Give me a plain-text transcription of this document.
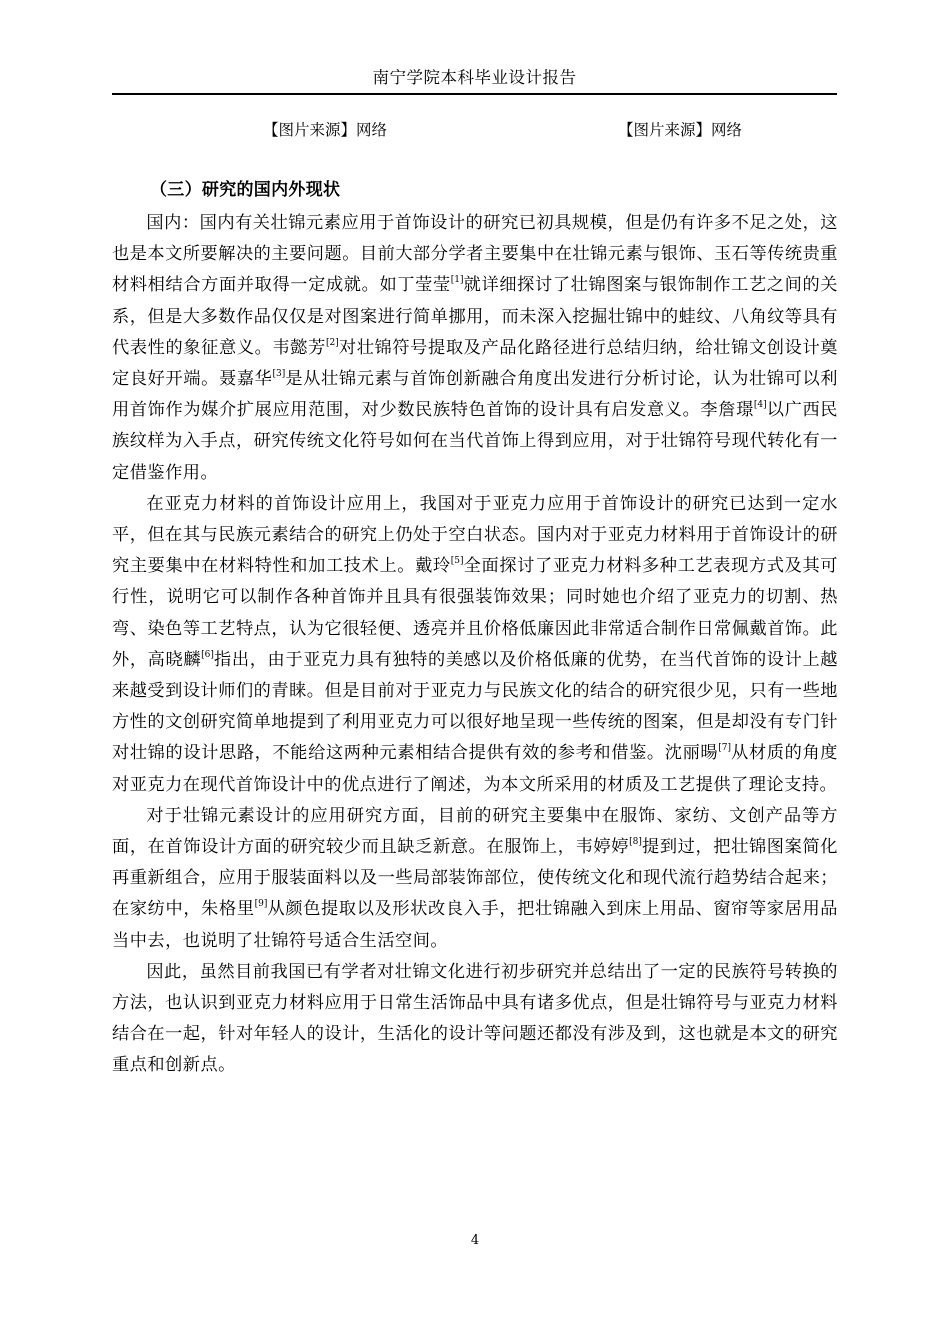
南宁学院本科毕业设计报告
【图片来源】网络	【图片来源】网络
（三）研究的国内外现状

国内：国内有关壮锦元素应用于首饰设计的研究已初具规模，但是仍有许多不足之处，这也是本文所要解决的主要问题。目前大部分学者主要集中在壮锦元素与银饰、玉石等传统贵重材料相结合方面并取得一定成就。如丁莹莹[1]就详细探讨了壮锦图案与银饰制作工艺之间的关系，但是大多数作品仅仅是对图案进行简单挪用，而未深入挖掘壮锦中的蛙纹、八角纹等具有代表性的象征意义。韦懿芳[2]对壮锦符号提取及产品化路径进行总结归纳，给壮锦文创设计奠定良好开端。聂嘉华[3]是从壮锦元素与首饰创新融合角度出发进行分析讨论，认为壮锦可以利用首饰作为媒介扩展应用范围，对少数民族特色首饰的设计具有启发意义。李詹璟[4]以广西民族纹样为入手点，研究传统文化符号如何在当代首饰上得到应用，对于壮锦符号现代转化有一定借鉴作用。

在亚克力材料的首饰设计应用上，我国对于亚克力应用于首饰设计的研究已达到一定水平，但在其与民族元素结合的研究上仍处于空白状态。国内对于亚克力材料用于首饰设计的研究主要集中在材料特性和加工技术上。戴玲[5]全面探讨了亚克力材料多种工艺表现方式及其可行性，说明它可以制作各种首饰并且具有很强装饰效果；同时她也介绍了亚克力的切割、热弯、染色等工艺特点，认为它很轻便、透亮并且价格低廉因此非常适合制作日常佩戴首饰。此外，高晓麟[6]指出，由于亚克力具有独特的美感以及价格低廉的优势，在当代首饰的设计上越来越受到设计师们的青睐。但是目前对于亚克力与民族文化的结合的研究很少见，只有一些地方性的文创研究简单地提到了利用亚克力可以很好地呈现一些传统的图案，但是却没有专门针对壮锦的设计思路，不能给这两种元素相结合提供有效的参考和借鉴。沈丽暘[7]从材质的角度对亚克力在现代首饰设计中的优点进行了阐述，为本文所采用的材质及工艺提供了理论支持。

对于壮锦元素设计的应用研究方面，目前的研究主要集中在服饰、家纺、文创产品等方面，在首饰设计方面的研究较少而且缺乏新意。在服饰上，韦婷婷[8]提到过，把壮锦图案简化再重新组合，应用于服装面料以及一些局部装饰部位，使传统文化和现代流行趋势结合起来；在家纺中，朱格里[9]从颜色提取以及形状改良入手，把壮锦融入到床上用品、窗帘等家居用品当中去，也说明了壮锦符号适合生活空间。

因此，虽然目前我国已有学者对壮锦文化进行初步研究并总结出了一定的民族符号转换的方法，也认识到亚克力材料应用于日常生活饰品中具有诸多优点，但是壮锦符号与亚克力材料结合在一起，针对年轻人的设计，生活化的设计等问题还都没有涉及到，这也就是本文的研究重点和创新点。

4
